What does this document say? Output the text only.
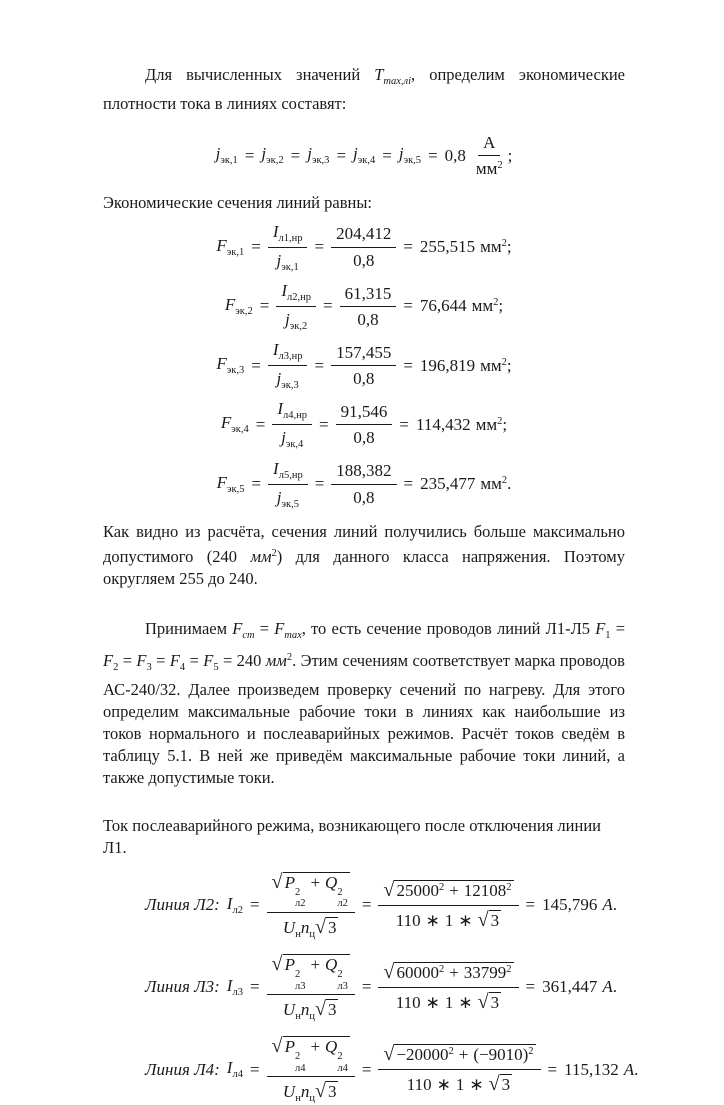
Для вычисленных значений $T_{max,лi}$, определим экономические плотности тока в линиях составят:

$j_{эк,1} = j_{эк,2} = j_{эк,3} = j_{эк,4} = j_{эк,5} = 0,8 \frac{А}{мм^2}$ ;

Экономические сечения линий равны:

$F_{эк,1} = \frac{I_{л1,нр}}{j_{эк,1}} = \frac{204,412}{0,8} = 255,515$ $мм^2$;
$F_{эк,2} = \frac{I_{л2,нр}}{j_{эк,2}} = \frac{61,315}{0,8} = 76,644$ $мм^2$;
$F_{эк,3} = \frac{I_{л3,нр}}{j_{эк,3}} = \frac{157,455}{0,8} = 196,819$ $мм^2$;
$F_{эк,4} = \frac{I_{л4,нр}}{j_{эк,4}} = \frac{91,546}{0,8} = 114,432$ $мм^2$;
$F_{эк,5} = \frac{I_{л5,нр}}{j_{эк,5}} = \frac{188,382}{0,8} = 235,477$ $мм^2$.

Как видно из расчёта, сечения линий получились больше максимально допустимого (240 $мм^2$) для данного класса напряжения. Поэтому округляем 255 до 240.

Принимаем $F_{ст} = F_{max}$, то есть сечение проводов линий Л1-Л5 $F_1 = F_2 = F_3 = F_4 = F_5 = 240$ $мм^2$. Этим сечениям соответствует марка проводов АС-240/32. Далее произведем проверку сечений по нагреву. Для этого определим максимальные рабочие токи в линиях как наибольшие из токов нормального и послеаварийных режимов. Расчёт токов сведём в таблицу 5.1. В ней же приведём максимальные рабочие токи линий, а также допустимые токи.

Ток послеаварийного режима, возникающего после отключения линии Л1.

Линия Л2: $I_{л2}$ = √ P
2
л2
+ Q
2
л2
$U_нn_ц√$ $3 = \frac{√ 25000^2 + 12108^2}{110 ∗ 1 ∗ √ 3} = 145,796$ А.
Линия Л3: $I_{л3}$ = √ P
2
л3
+ Q
2
л3
$U_нn_ц√$ $3 = \frac{√ 60000^2 + 33799^2}{110 ∗ 1 ∗ √ 3} = 361,447$ А.
Линия Л4: $I_{л4}$ = √ P
2
л4
+ Q
2
л4
$U_нn_ц√$ $3 = \frac{√ -20000^2 + (-9010)^2}{110 ∗ 1 ∗ √ 3} = 115,132$ А.
